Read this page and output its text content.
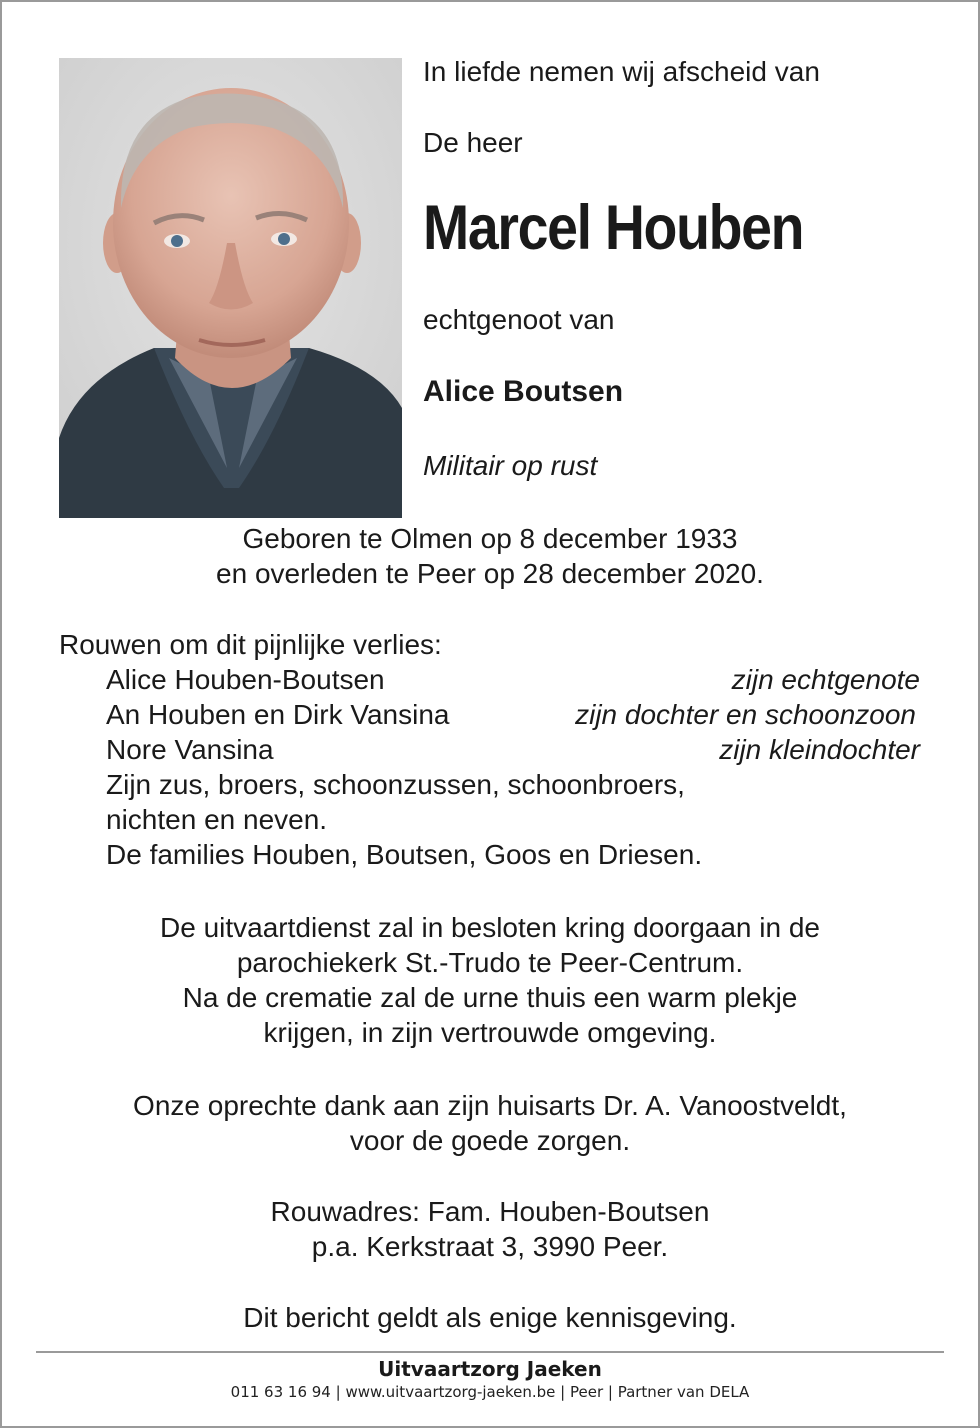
In liefde nemen wij afscheid van
De heer
Marcel Houben
echtgenoot van
Alice Boutsen
Militair op rust
Geboren te Olmen op 8 december 1933
en overleden te Peer op 28 december 2020.
Rouwen om dit pijnlijke verlies:
Alice Houben-Boutsen	zijn echtgenote
An Houben en Dirk Vansina	zijn dochter en schoonzoon
Nore Vansina	zijn kleindochter
Zijn zus, broers, schoonzussen, schoonbroers,
nichten en neven.
De families Houben, Boutsen, Goos en Driesen.
De uitvaartdienst zal in besloten kring doorgaan in de
parochiekerk St.-Trudo te Peer-Centrum.
Na de crematie zal de urne thuis een warm plekje
krijgen, in zijn vertrouwde omgeving.
Onze oprechte dank aan zijn huisarts Dr. A. Vanoostveldt,
voor de goede zorgen.
Rouwadres: Fam. Houben-Boutsen
p.a. Kerkstraat 3, 3990 Peer.
Dit bericht geldt als enige kennisgeving.
Uitvaartzorg Jaeken
011 63 16 94 | www.uitvaartzorg-jaeken.be | Peer | Partner van DELA
